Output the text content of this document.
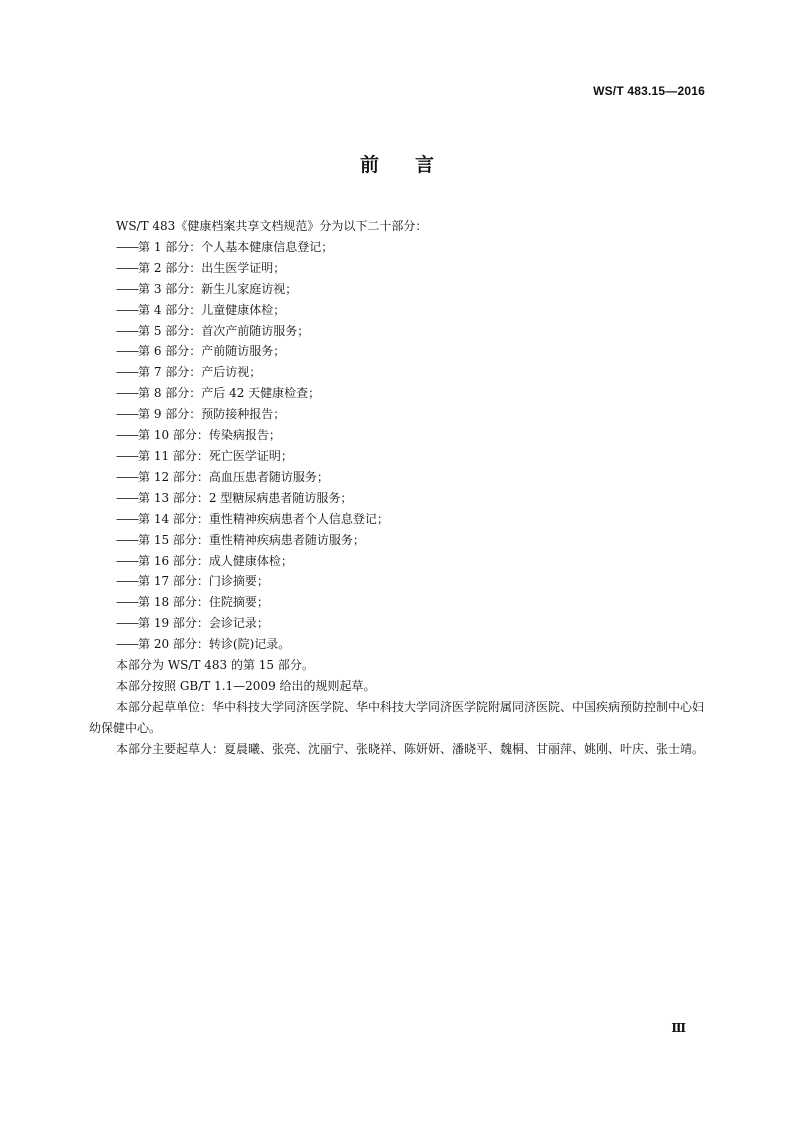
WS/T 483.15—2016
前 言

WS/T 483《健康档案共享文档规范》分为以下二十部分：

——第 1 部分：个人基本健康信息登记；

——第 2 部分：出生医学证明；

——第 3 部分：新生儿家庭访视；

——第 4 部分：儿童健康体检；

——第 5 部分：首次产前随访服务；

——第 6 部分：产前随访服务；

——第 7 部分：产后访视；

——第 8 部分：产后 42 天健康检查；

——第 9 部分：预防接种报告；

——第 10 部分：传染病报告；

——第 11 部分：死亡医学证明；

——第 12 部分：高血压患者随访服务；

——第 13 部分：2 型糖尿病患者随访服务；

——第 14 部分：重性精神疾病患者个人信息登记；

——第 15 部分：重性精神疾病患者随访服务；

——第 16 部分：成人健康体检；

——第 17 部分：门诊摘要；

——第 18 部分：住院摘要；

——第 19 部分：会诊记录；

——第 20 部分：转诊(院)记录。

本部分为 WS/T 483 的第 15 部分。

本部分按照 GB/T 1.1—2009 给出的规则起草。

本部分起草单位：华中科技大学同济医学院、华中科技大学同济医学院附属同济医院、中国疾病预防控制中心妇幼保健中心。

本部分主要起草人：夏晨曦、张亮、沈丽宁、张晓祥、陈妍妍、潘晓平、魏桐、甘丽萍、姚刚、叶庆、张士靖。

Ⅲ
